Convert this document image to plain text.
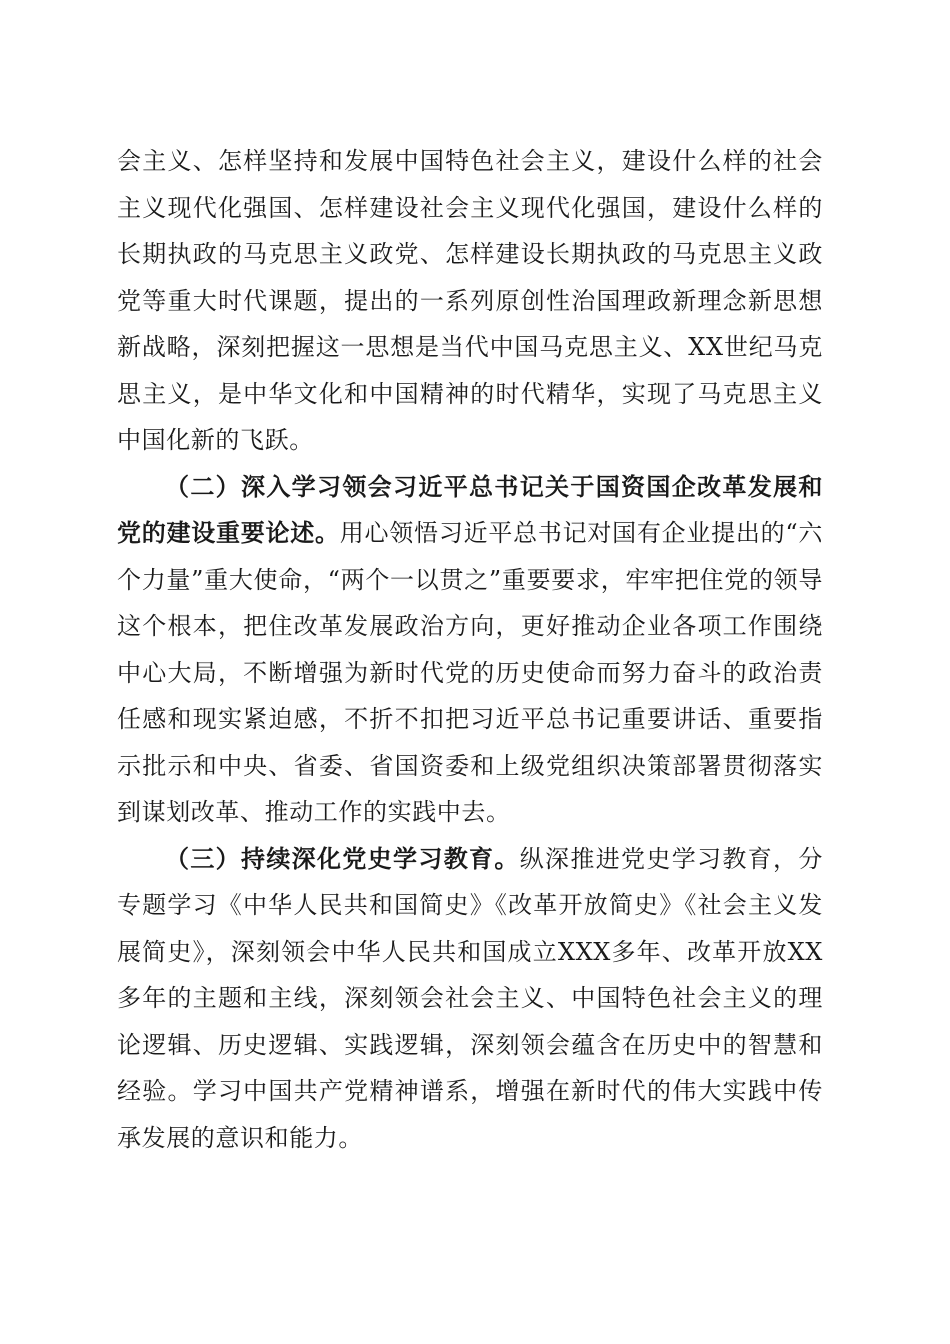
会主义、怎样坚持和发展中国特色社会主义，建设什么样的社会主义现代化强国、怎样建设社会主义现代化强国，建设什么样的长期执政的马克思主义政党、怎样建设长期执政的马克思主义政党等重大时代课题，提出的一系列原创性治国理政新理念新思想新战略，深刻把握这一思想是当代中国马克思主义、XX世纪马克思主义，是中华文化和中国精神的时代精华，实现了马克思主义中国化新的飞跃。

（二）深入学习领会习近平总书记关于国资国企改革发展和党的建设重要论述。用心领悟习近平总书记对国有企业提出的“六个力量”重大使命，“两个一以贯之”重要要求，牢牢把住党的领导这个根本，把住改革发展政治方向，更好推动企业各项工作围绕中心大局，不断增强为新时代党的历史使命而努力奋斗的政治责任感和现实紧迫感，不折不扣把习近平总书记重要讲话、重要指示批示和中央、省委、省国资委和上级党组织决策部署贯彻落实到谋划改革、推动工作的实践中去。

（三）持续深化党史学习教育。纵深推进党史学习教育，分专题学习《中华人民共和国简史》《改革开放简史》《社会主义发展简史》，深刻领会中华人民共和国成立XXX多年、改革开放XX多年的主题和主线，深刻领会社会主义、中国特色社会主义的理论逻辑、历史逻辑、实践逻辑，深刻领会蕴含在历史中的智慧和经验。学习中国共产党精神谱系，增强在新时代的伟大实践中传承发展的意识和能力。
